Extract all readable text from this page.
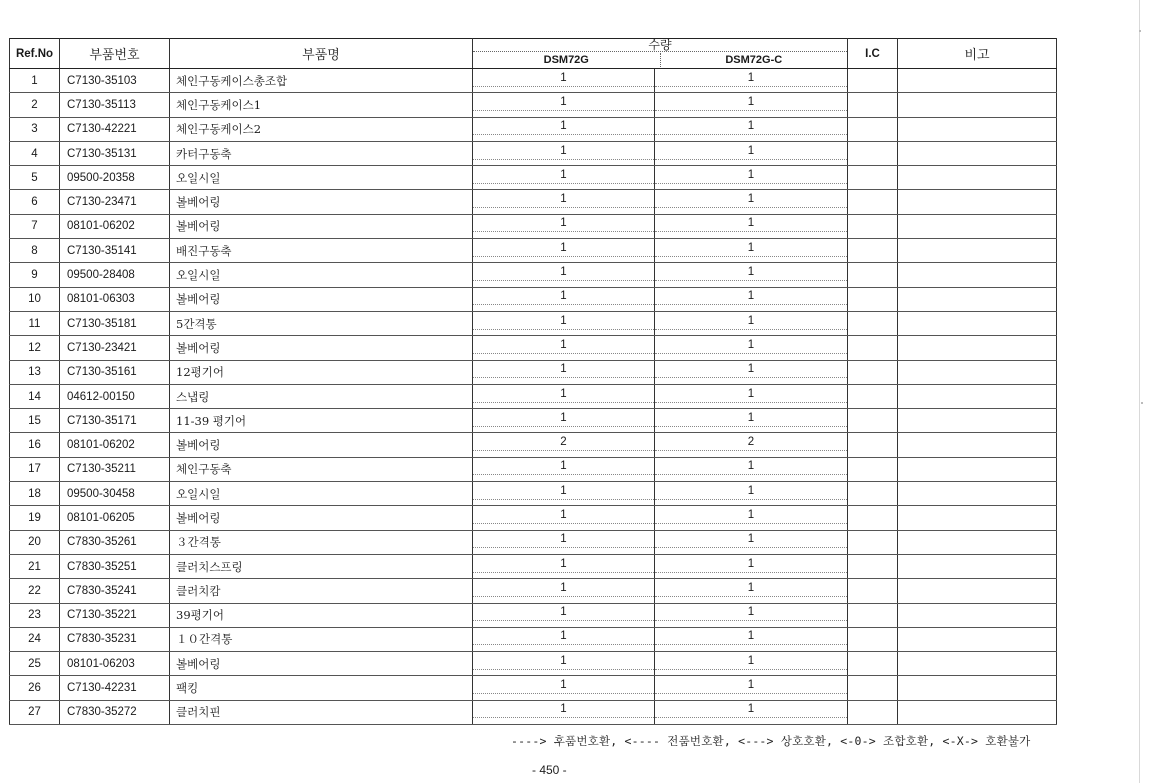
Ref.No	부품번호	부품명	수량
DSM72G DSM72G-C		I.C	비고
1	C7130-35103	체인구동케이스총조합	1	1		

2	C7130-35113	체인구동케이스1	1	1		

3	C7130-42221	체인구동케이스2	1	1		

4	C7130-35131	카터구동축	1	1		

5	09500-20358	오일시일	1	1		

6	C7130-23471	볼베어링	1	1		

7	08101-06202	볼베어링	1	1		

8	C7130-35141	배진구동축	1	1		

9	09500-28408	오일시일	1	1		

10	08101-06303	볼베어링	1	1		

11	C7130-35181	5간격통	1	1		

12	C7130-23421	볼베어링	1	1		

13	C7130-35161	12평기어	1	1		

14	04612-00150	스냅링	1	1		

15	C7130-35171	11-39 평기어	1	1		

16	08101-06202	볼베어링	2	2		

17	C7130-35211	체인구동축	1	1		

18	09500-30458	오일시일	1	1		

19	08101-06205	볼베어링	1	1		

20	C7830-35261	３간격통	1	1		

21	C7830-35251	클러치스프링	1	1		

22	C7830-35241	클러치캄	1	1		

23	C7130-35221	39평기어	1	1		

24	C7830-35231	１０간격통	1	1		

25	08101-06203	볼베어링	1	1		

26	C7130-42231	팩킹	1	1		

27	C7830-35272	클러치핀	1	1		

----> 후품번호환, <---- 전품번호환, <---> 상호호환, <-0-> 조합호환, <-X-> 호환불가
- 450 -
